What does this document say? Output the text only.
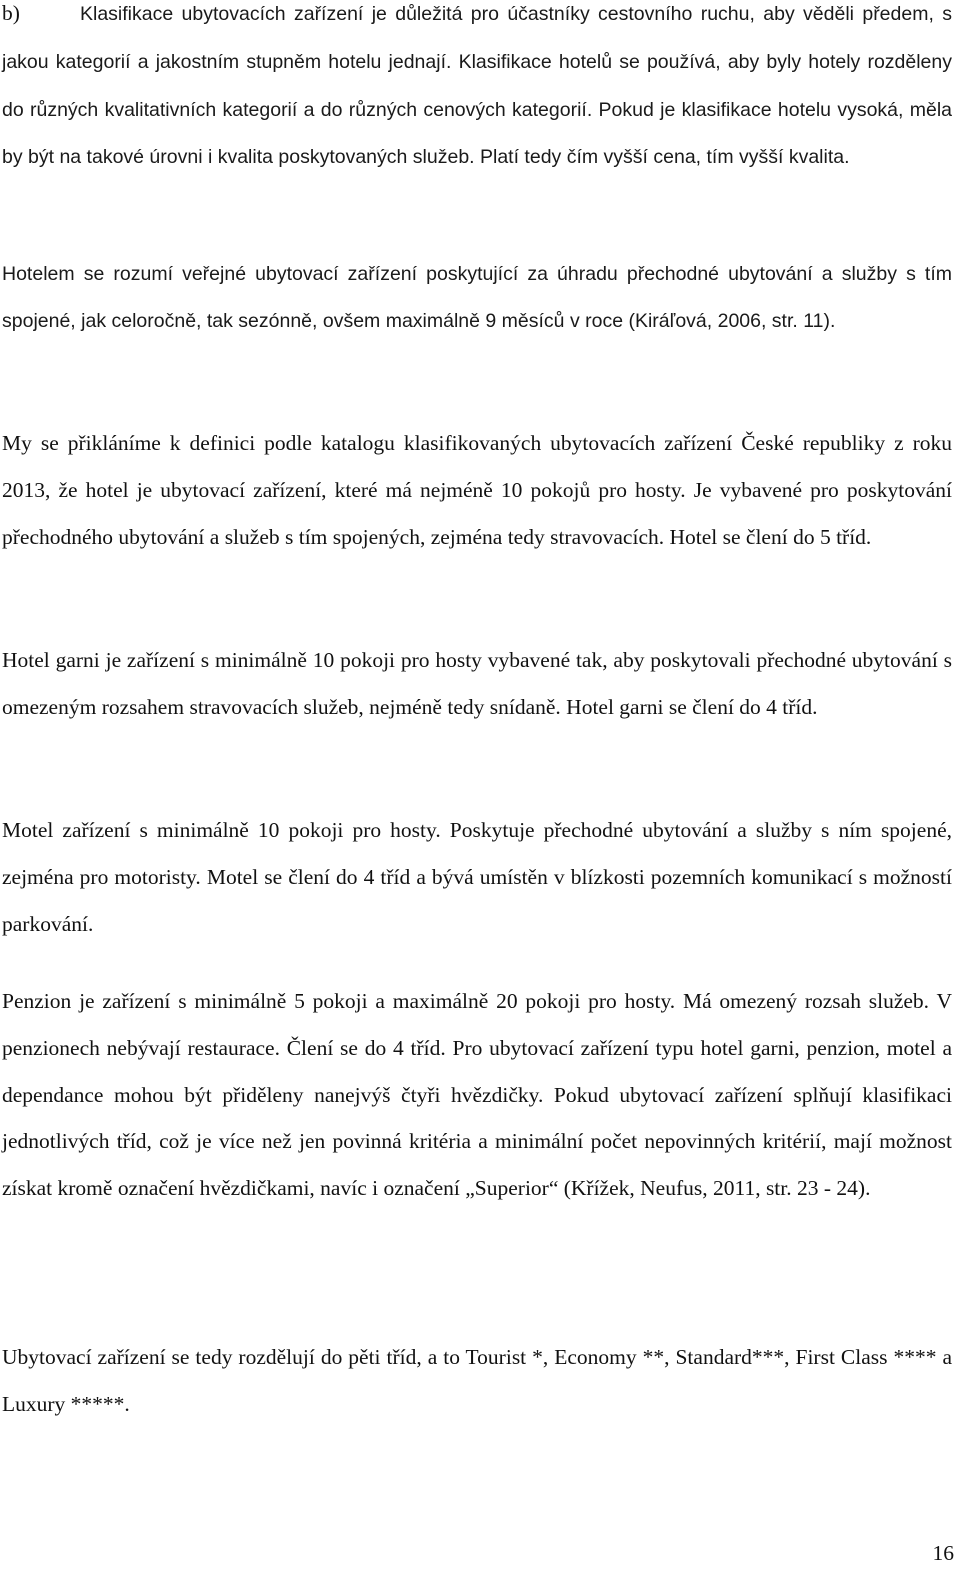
b)	Klasifikace ubytovacích zařízení je důležitá pro účastníky cestovního ruchu, aby věděli předem, s jakou kategorií a jakostním stupněm hotelu jednají. Klasifikace hotelů se používá, aby byly hotely rozděleny do různých kvalitativních kategorií a do různých cenových kategorií. Pokud je klasifikace hotelu vysoká, měla by být na takové úrovni i kvalita poskytovaných služeb. Platí tedy čím vyšší cena, tím vyšší kvalita.

Hotelem se rozumí veřejné ubytovací zařízení poskytující za úhradu přechodné ubytování a služby s tím spojené, jak celoročně, tak sezónně, ovšem maximálně 9 měsíců v roce (Kiráľová, 2006, str. 11).

My se přikláníme k definici podle katalogu klasifikovaných ubytovacích zařízení České republiky z roku 2013, že hotel je ubytovací zařízení, které má nejméně 10 pokojů pro hosty. Je vybavené pro poskytování přechodného ubytování a služeb s tím spojených, zejména tedy stravovacích. Hotel se člení do 5 tříd.

Hotel garni je zařízení s minimálně 10 pokoji pro hosty vybavené tak, aby poskytovali přechodné ubytování s omezeným rozsahem stravovacích služeb, nejméně tedy snídaně. Hotel garni se člení do 4 tříd.

Motel zařízení s minimálně 10 pokoji pro hosty. Poskytuje přechodné ubytování a služby s ním spojené, zejména pro motoristy. Motel se člení do 4 tříd a bývá umístěn v blízkosti pozemních komunikací s možností parkování.

Penzion je zařízení s minimálně 5 pokoji a maximálně 20 pokoji pro hosty. Má omezený rozsah služeb. V penzionech nebývají restaurace. Člení se do 4 tříd. Pro ubytovací zařízení typu hotel garni, penzion, motel a dependance mohou být přiděleny nanejvýš čtyři hvězdičky. Pokud ubytovací zařízení splňují klasifikaci jednotlivých tříd, což je více než jen povinná kritéria a minimální počet nepovinných kritérií, mají možnost získat kromě označení hvězdičkami, navíc i označení „Superior“ (Křížek, Neufus, 2011, str. 23 - 24).

Ubytovací zařízení se tedy rozdělují do pěti tříd, a to Tourist *, Economy **, Standard***, First Class **** a Luxury *****.

16
